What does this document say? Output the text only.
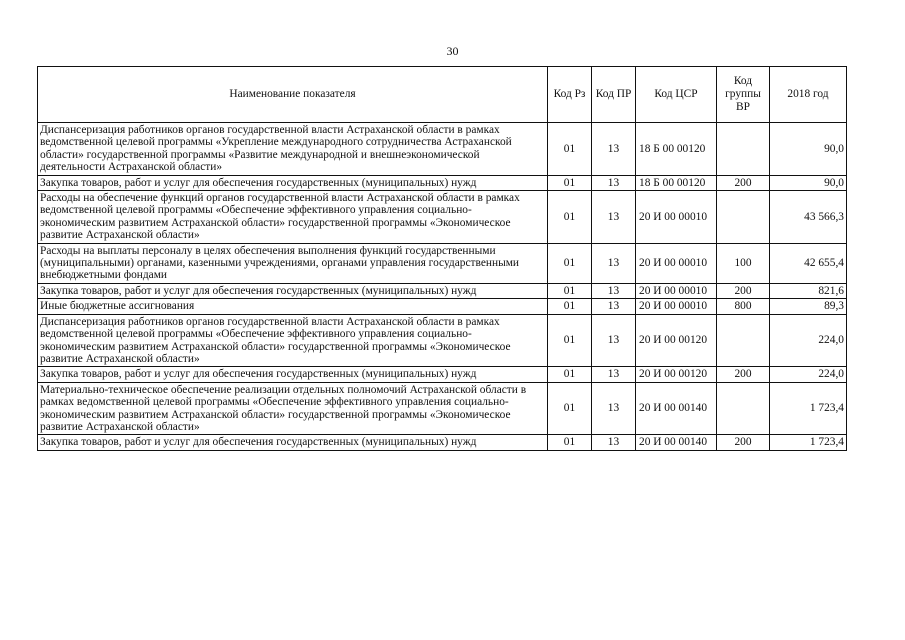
30
Наименование показателя	Код Рз	Код ПР	Код ЦСР	Код группы ВР	2018 год
Диспансеризация работников органов государственной власти Астраханской области в рамках ведомственной целевой программы «Укрепление международного сотрудничества Астраханской области» государственной программы «Развитие международной и внешнеэкономической деятельности Астраханской области»	01	13	18 Б 00 00120		90,0
Закупка товаров, работ и услуг для обеспечения государственных (муниципальных) нужд	01	13	18 Б 00 00120	200	90,0
Расходы на обеспечение функций органов государственной власти Астраханской области в рамках ведомственной целевой программы «Обеспечение эффективного управления социально-экономическим развитием Астраханской области» государственной программы «Экономическое развитие Астраханской области»	01	13	20 И 00 00010		43 566,3
Расходы на выплаты персоналу в целях обеспечения выполнения функций государственными (муниципальными) органами, казенными учреждениями, органами управления государственными внебюджетными фондами	01	13	20 И 00 00010	100	42 655,4
Закупка товаров, работ и услуг для обеспечения государственных (муниципальных) нужд	01	13	20 И 00 00010	200	821,6
Иные бюджетные ассигнования	01	13	20 И 00 00010	800	89,3
Диспансеризация работников органов государственной власти Астраханской области в рамках ведомственной целевой программы «Обеспечение эффективного управления социально-экономическим развитием Астраханской области» государственной программы «Экономическое развитие Астраханской области»	01	13	20 И 00 00120		224,0
Закупка товаров, работ и услуг для обеспечения государственных (муниципальных) нужд	01	13	20 И 00 00120	200	224,0
Материально-техническое обеспечение реализации отдельных полномочий Астраханской области в рамках ведомственной целевой программы «Обеспечение эффективного управления социально-экономическим развитием Астраханской области» государственной программы «Экономическое развитие Астраханской области»	01	13	20 И 00 00140		1 723,4
Закупка товаров, работ и услуг для обеспечения государственных (муниципальных) нужд	01	13	20 И 00 00140	200	1 723,4
